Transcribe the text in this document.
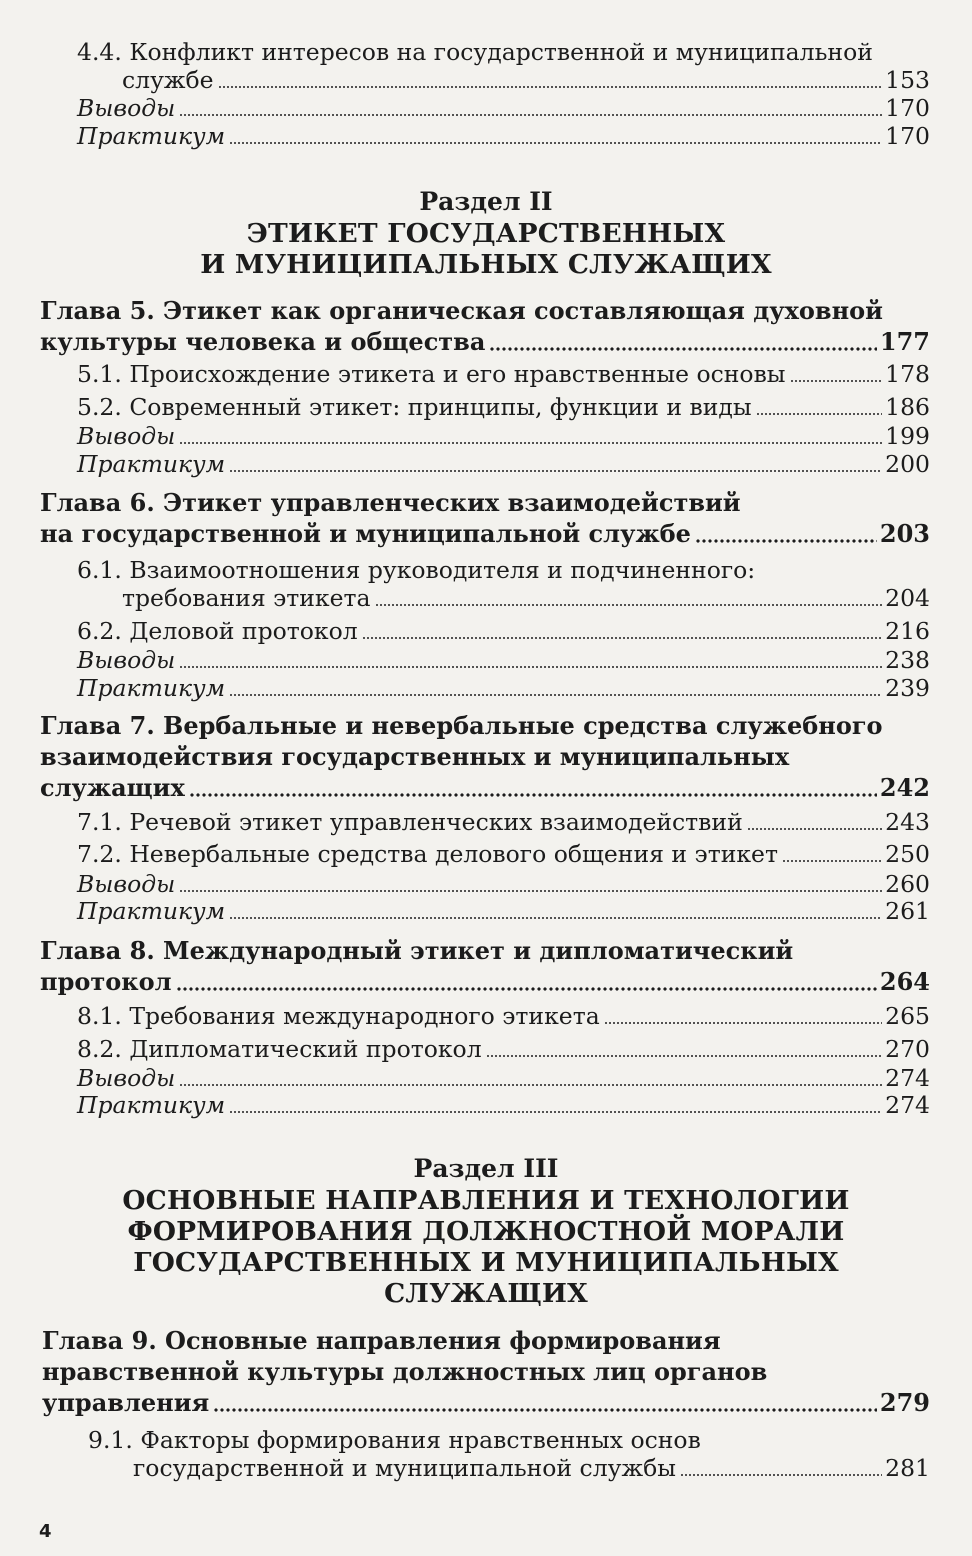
4.4. Конфликт интересов на государственной и муниципальной
службе	153
Выводы	170
Практикум	170
Раздел II
ЭТИКЕТ ГОСУДАРСТВЕННЫХ
И МУНИЦИПАЛЬНЫХ СЛУЖАЩИХ
Глава 5. Этикет как органическая составляющая духовной
культуры человека и общества	177
5.1. Происхождение этикета и его нравственные основы	178
5.2. Современный этикет: принципы, функции и виды	186
Выводы	199
Практикум	200
Глава 6. Этикет управленческих взаимодействий
на государственной и муниципальной службе	203
6.1. Взаимоотношения руководителя и подчиненного:
требования этикета	204
6.2. Деловой протокол	216
Выводы	238
Практикум	239
Глава 7. Вербальные и невербальные средства служебного
взаимодействия государственных и муниципальных
служащих	242
7.1. Речевой этикет управленческих взаимодействий	243
7.2. Невербальные средства делового общения и этикет	250
Выводы	260
Практикум	261
Глава 8. Международный этикет и дипломатический
протокол	264
8.1. Требования международного этикета	265
8.2. Дипломатический протокол	270
Выводы	274
Практикум	274
Раздел III
ОСНОВНЫЕ НАПРАВЛЕНИЯ И ТЕХНОЛОГИИ
ФОРМИРОВАНИЯ ДОЛЖНОСТНОЙ МОРАЛИ
ГОСУДАРСТВЕННЫХ И МУНИЦИПАЛЬНЫХ
СЛУЖАЩИХ
Глава 9. Основные направления формирования
нравственной культуры должностных лиц органов
управления	279
9.1. Факторы формирования нравственных основ
государственной и муниципальной службы	281
4
